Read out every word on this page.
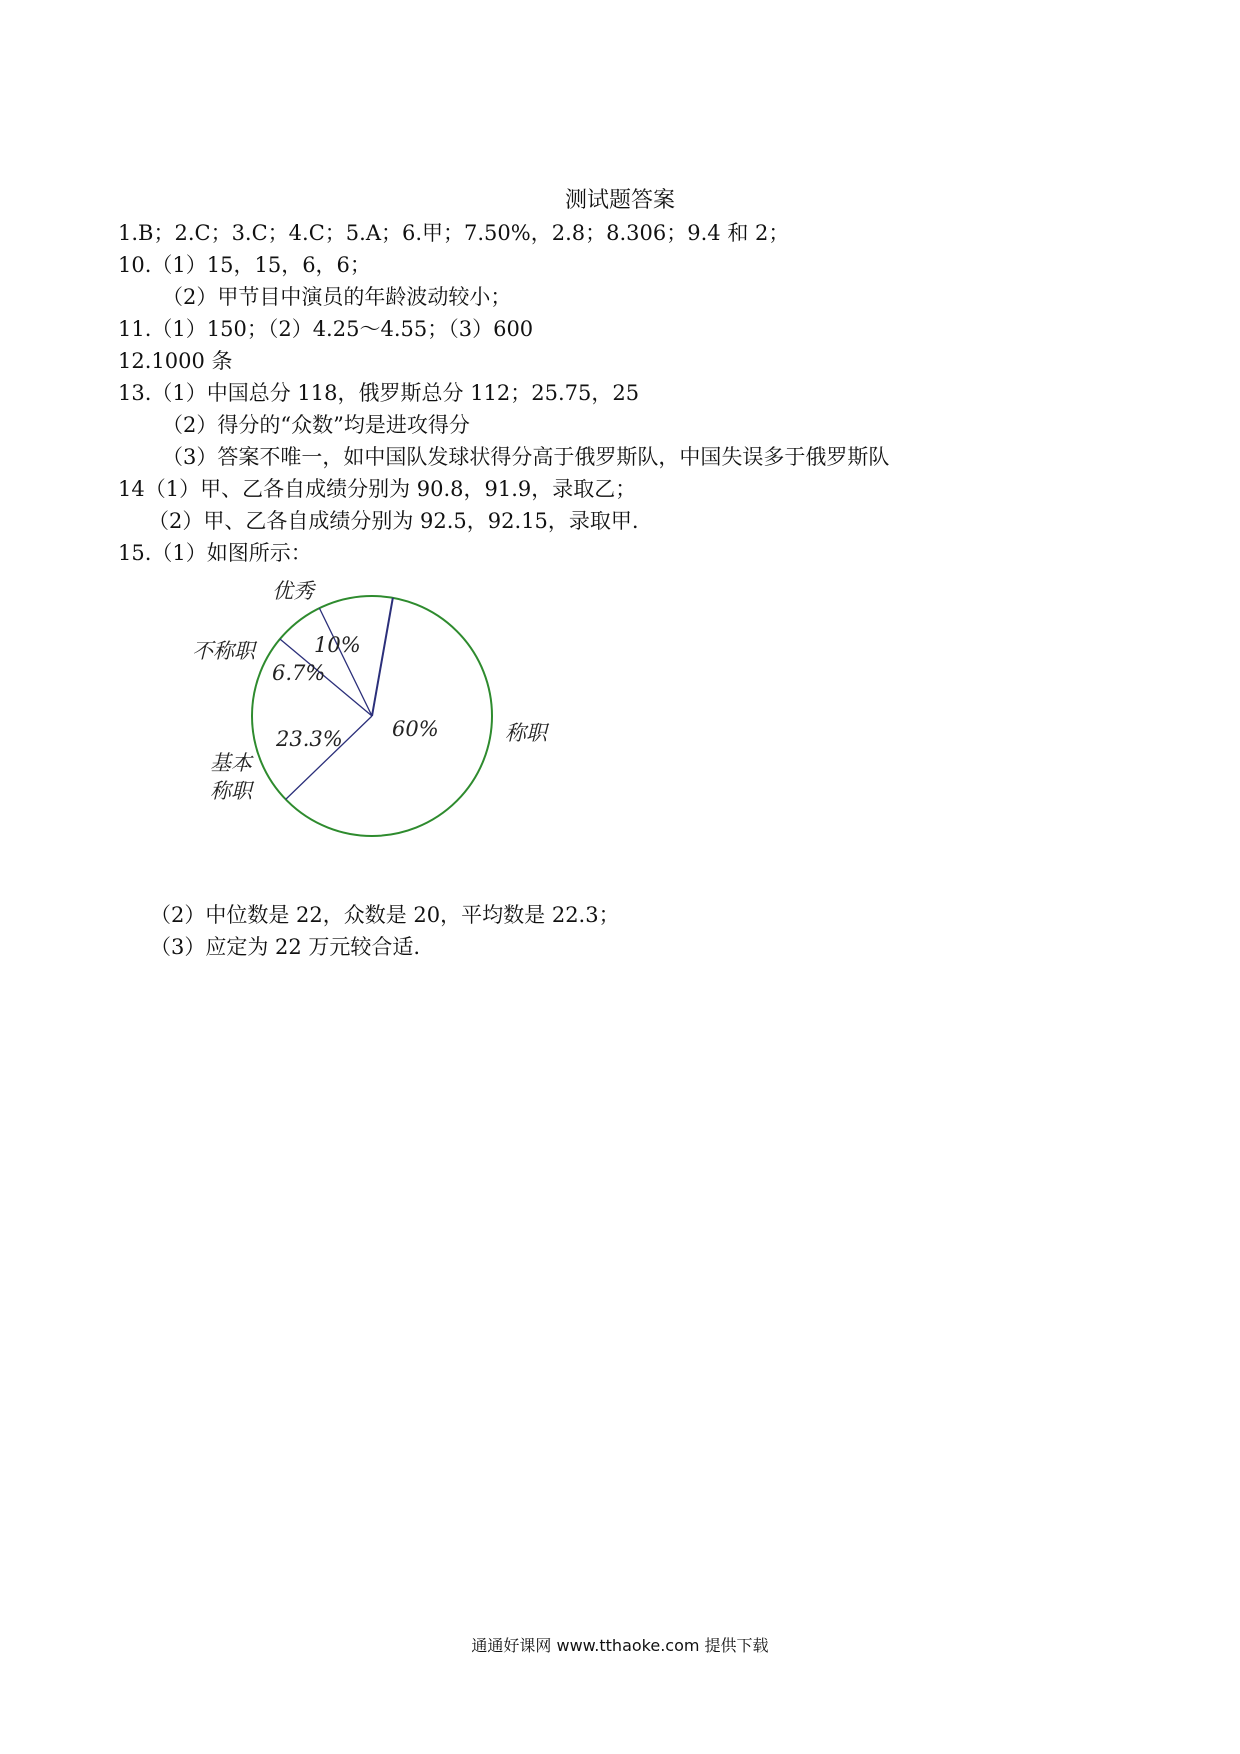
测试题答案
1.B；2.C；3.C；4.C；5.A；6.甲；7.50%，2.8；8.306；9.4 和 2；
10.（1）15，15，6，6；
（2）甲节目中演员的年龄波动较小；
11.（1）150；（2）4.25～4.55；（3）600
12.1000 条
13.（1）中国总分 118，俄罗斯总分 112；25.75，25
（2）得分的“众数”均是进攻得分
（3）答案不唯一，如中国队发球状得分高于俄罗斯队，中国失误多于俄罗斯队
14（1）甲、乙各自成绩分别为 90.8，91.9，录取乙；
（2）甲、乙各自成绩分别为 92.5，92.15，录取甲.
15.（1）如图所示：
优秀
10%
不称职
6.7%
基本
称职
23.3%	称职
60%
（2）中位数是 22，众数是 20，平均数是 22.3；
（3）应定为 22 万元较合适.
通通好课网 www.tthaoke.com 提供下载
